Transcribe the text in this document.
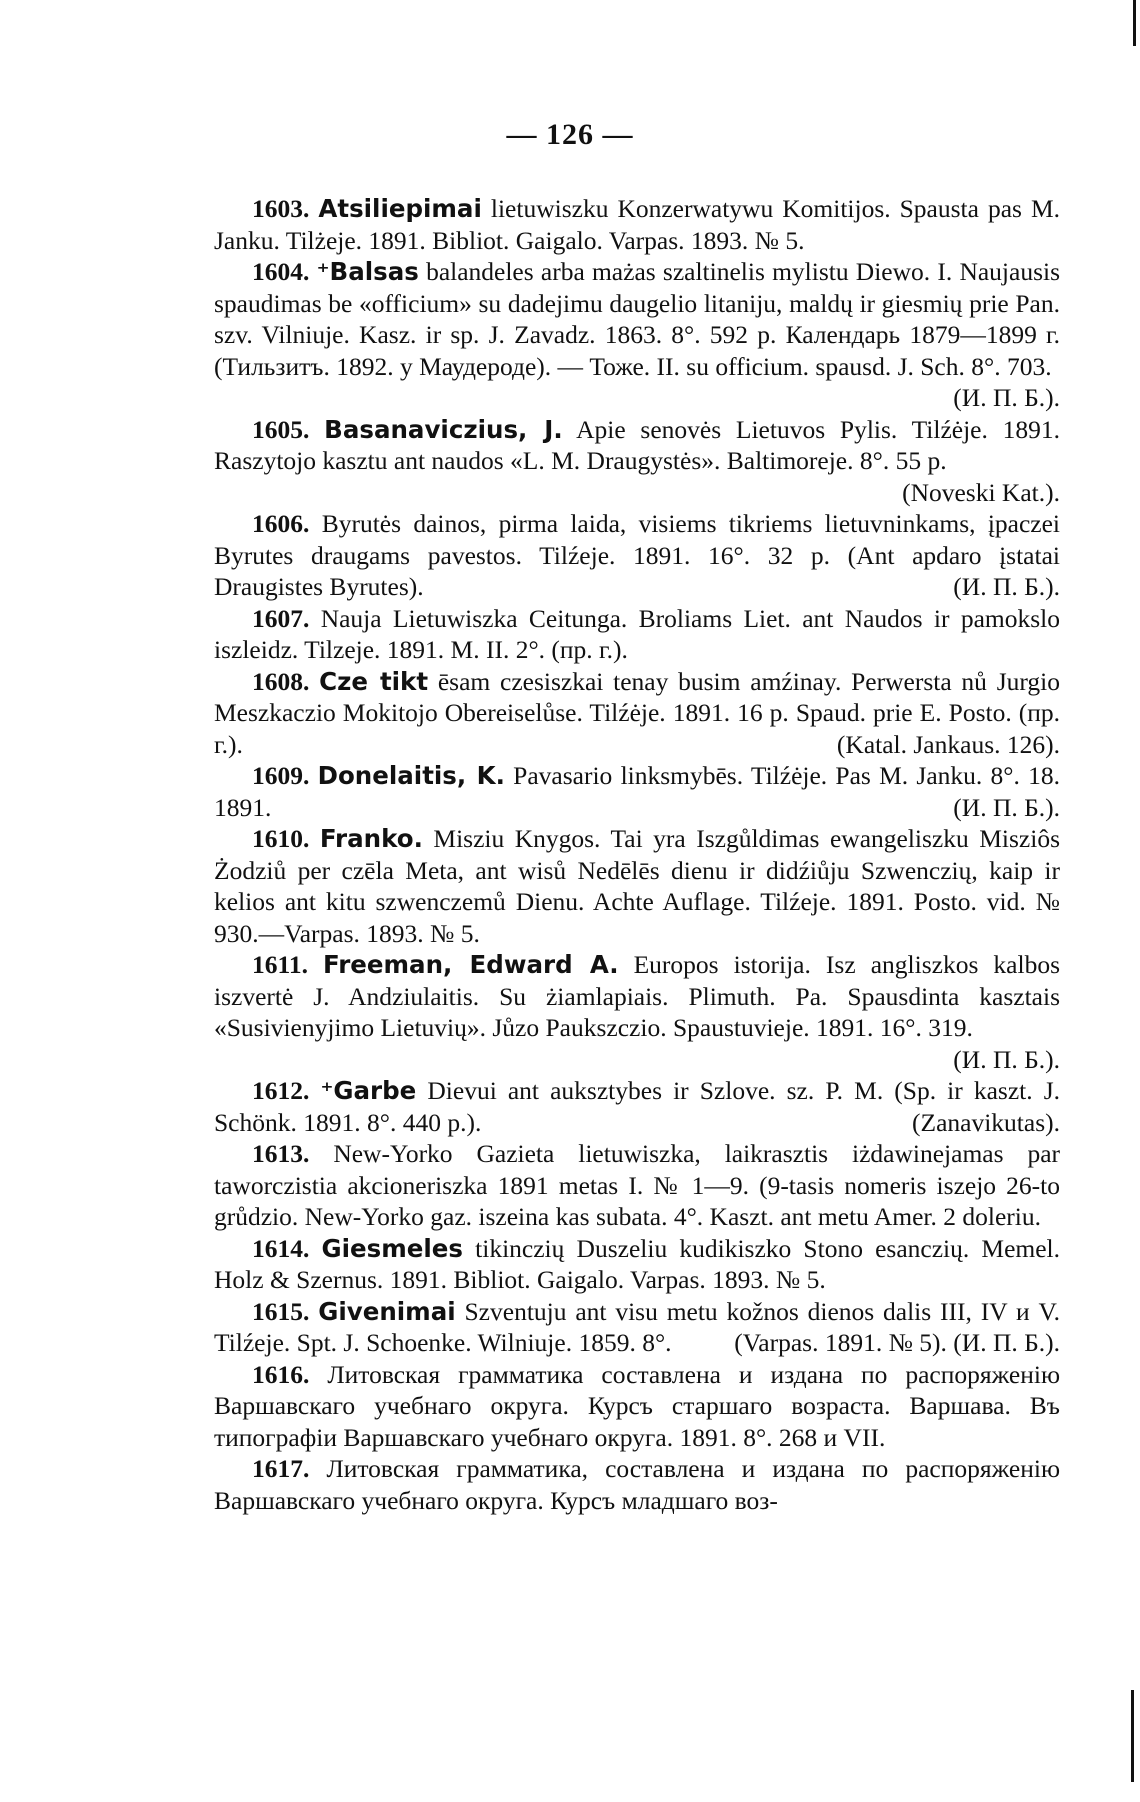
— 126 —

1603. Atsiliepimai lietuwiszku Konzerwatywu Komitijos. Spausta pas M. Janku. Tilżeje. 1891. Bibliot. Gaigalo. Varpas. 1893. № 5.

1604. ⁺Balsas balandeles arba mażas szaltinelis mylistu Diewo. I. Naujausis spaudimas be «officium» su dadejimu daugelio litaniju, maldų ir giesmių prie Pan. szv. Vilniuje. Kasz. ir sp. J. Zavadz. 1863. 8°. 592 p. Календарь 1879—1899 г. (Тильзитъ. 1892. у Маудероде). — Тоже. II. su officium. spausd. J. Sch. 8°. 703.
(И. П. Б.).

1605. Basanaviczius, J. Apie senovės Lietuvos Pylis. Tilźėje. 1891. Raszytojo kasztu ant naudos «L. M. Draugystės». Baltimoreje. 8°. 55 p.
(Noveski Kat.).

1606. Byrutės dainos, pirma laida, visiems tikriems lietuvninkams, įpaczei Byrutes draugams pavestos. Tilźeje. 1891. 16°. 32 p. (Ant apdaro įstatai Draugistes Byrutes).	(И. П. Б.).

1607. Nauja Lietuwiszka Ceitunga. Broliams Liet. ant Naudos ir pamokslo iszleidz. Tilzeje. 1891. M. II. 2°. (пр. г.).

1608. Cze tikt ēsam czesiszkai tenay busim amźinay. Perwersta nů Jurgio Meszkaczio Mokitojo Obereiselůse. Tilźėje. 1891. 16 p. Spaud. prie E. Posto. (пр. г.).	(Katal. Jankaus. 126).

1609. Donelaitis, K. Pavasario linksmybēs. Tilźėje. Pas M. Janku. 8°. 18. 1891.	(И. П. Б.).

1610. Franko. Misziu Knygos. Tai yra Iszgůldimas ewangeliszku Misziôs Żodziů per czēla Meta, ant wisů Nedēlēs dienu ir didźiůju Szwenczių, kaip ir kelios ant kitu szwenczemů Dienu. Achte Auflage. Tilźeje. 1891. Posto. vid. № 930.—Varpas. 1893. № 5.

1611. Freeman, Edward A. Europos istorija. Isz angliszkos kalbos iszvertė J. Andziulaitis. Su żiamlapiais. Plimuth. Pa. Spausdinta kasztais «Susivienyjimo Lietuvių». Jůzo Paukszczio. Spaustuvieje. 1891. 16°. 319.
(И. П. Б.).

1612. ⁺Garbe Dievui ant auksztybes ir Szlove. sz. P. M. (Sp. ir kaszt. J. Schönk. 1891. 8°. 440 p.).	(Zanavikutas).

1613. New-Yorko Gazieta lietuwiszka, laikrasztis iżdawinejamas par taworczistia akcioneriszka 1891 metas I. № 1—9. (9-tasis nomeris iszejo 26-to grůdzio. New-Yorko gaz. iszeina kas subata. 4°. Kaszt. ant metu Amer. 2 doleriu.

1614. Giesmeles tikinczių Duszeliu kudikiszko Stono esanczių. Memel. Holz & Szernus. 1891. Bibliot. Gaigalo. Varpas. 1893. № 5.

1615. Givenimai Szventuju ant visu metu kožnos dienos dalis III, IV и V. Tilźeje. Spt. J. Schoenke. Wilniuje. 1859. 8°.	(Varpas. 1891. № 5). (И. П. Б.).

1616. Литовская грамматика составлена и издана по распоряженію Варшавскаго учебнаго округа. Курсъ старшаго возраста. Варшава. Въ типографіи Варшавскаго учебнаго округа. 1891. 8°. 268 и VII.

1617. Литовская грамматика, составлена и издана по распоряженію Варшавскаго учебнаго округа. Курсъ младшаго воз-
